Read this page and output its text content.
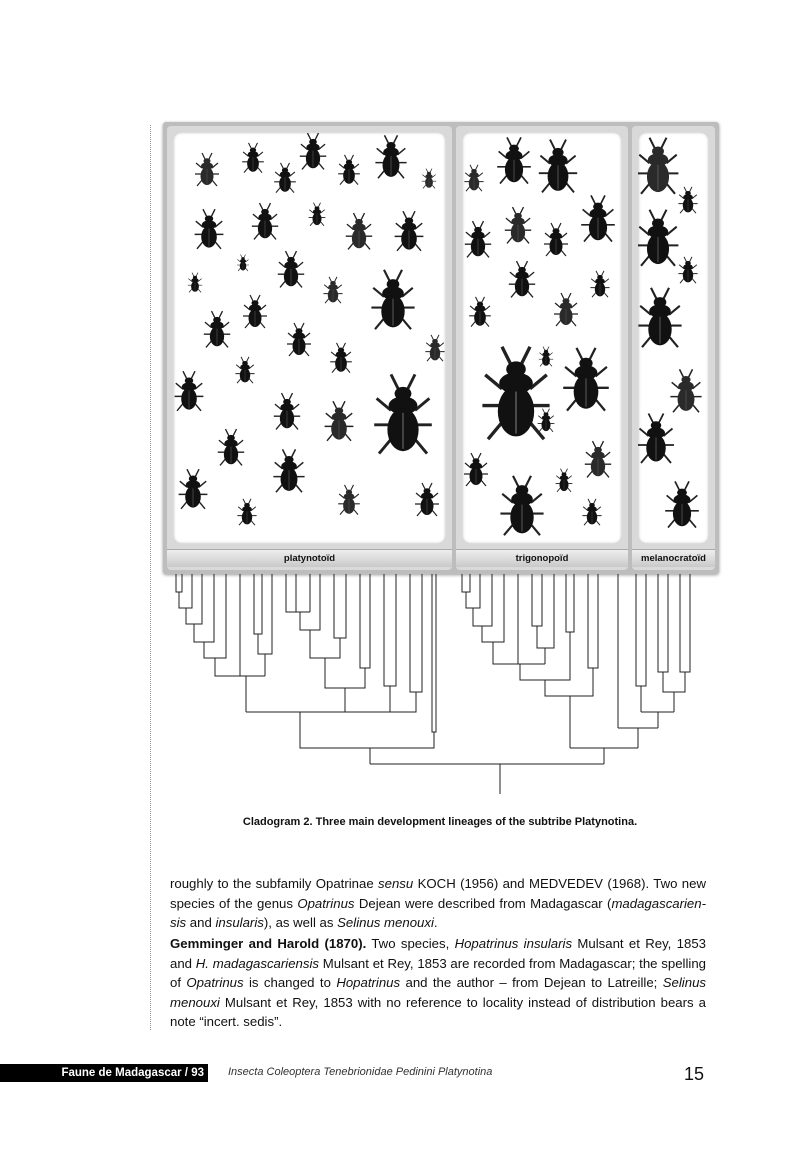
platynotoïd	trigonopoïd	melanocratoïd
Cladogram 2. Three main development lineages of the subtribe Platynotina.

roughly to the subfamily Opatrinae sensu KOCH (1956) and MEDVEDEV (1968). Two new species of the genus Opatrinus Dejean were described from Madagascar (madagascarien-sis and insularis), as well as Selinus menouxi.

Gemminger and Harold (1870). Two species, Hopatrinus insularis Mulsant et Rey, 1853 and H. madagascariensis Mulsant et Rey, 1853 are recorded from Madagascar; the spelling of Opatrinus is changed to Hopatrinus and the author – from Dejean to Latreille; Selinus menouxi Mulsant et Rey, 1853 with no reference to locality instead of distribution bears a note “incert. sedis”.

Faune de Madagascar / 93	Insecta Coleoptera Tenebrionidae Pedinini Platynotina	15
